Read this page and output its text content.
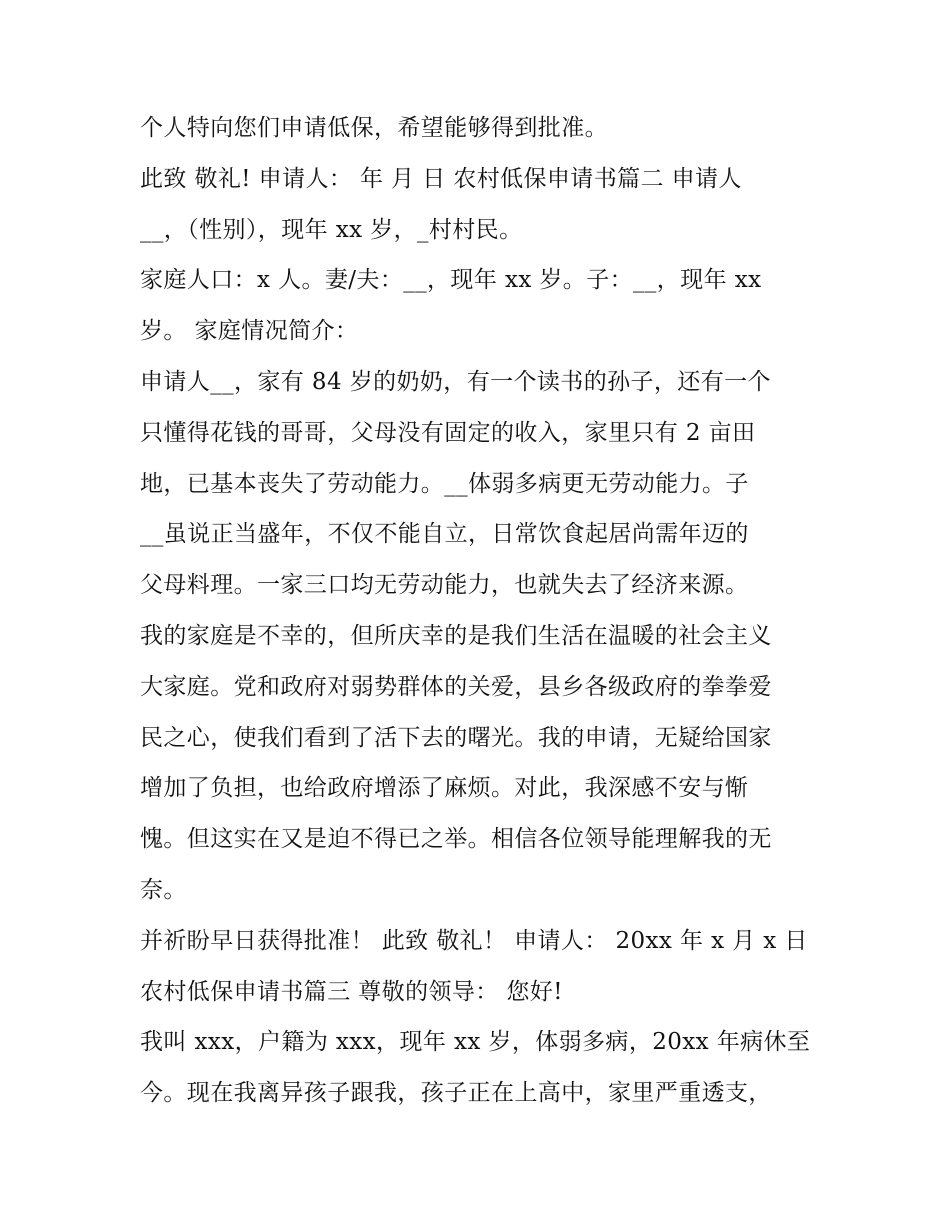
个人特向您们申请低保，希望能够得到批准。
此致 敬礼! 申请人： 年 月 日 农村低保申请书篇二 申请人
__，（性别），现年 xx 岁，_村村民。
家庭人口：x 人。妻/夫：__，现年 xx 岁。子：__，现年 xx
岁。 家庭情况简介：
申请人__，家有 84 岁的奶奶，有一个读书的孙子，还有一个
只懂得花钱的哥哥，父母没有固定的收入，家里只有 2 亩田
地，已基本丧失了劳动能力。__体弱多病更无劳动能力。子
__虽说正当盛年，不仅不能自立，日常饮食起居尚需年迈的
父母料理。一家三口均无劳动能力，也就失去了经济来源。
我的家庭是不幸的，但所庆幸的是我们生活在温暖的社会主义
大家庭。党和政府对弱势群体的关爱，县乡各级政府的拳拳爱
民之心，使我们看到了活下去的曙光。我的申请，无疑给国家
增加了负担，也给政府增添了麻烦。对此，我深感不安与惭
愧。但这实在又是迫不得已之举。相信各位领导能理解我的无
奈。
并祈盼早日获得批准！ 此致 敬礼！ 申请人： 20xx 年 x 月 x 日
农村低保申请书篇三 尊敬的领导： 您好!
我叫 xxx，户籍为 xxx，现年 xx 岁，体弱多病，20xx 年病休至
今。现在我离异孩子跟我，孩子正在上高中，家里严重透支，
